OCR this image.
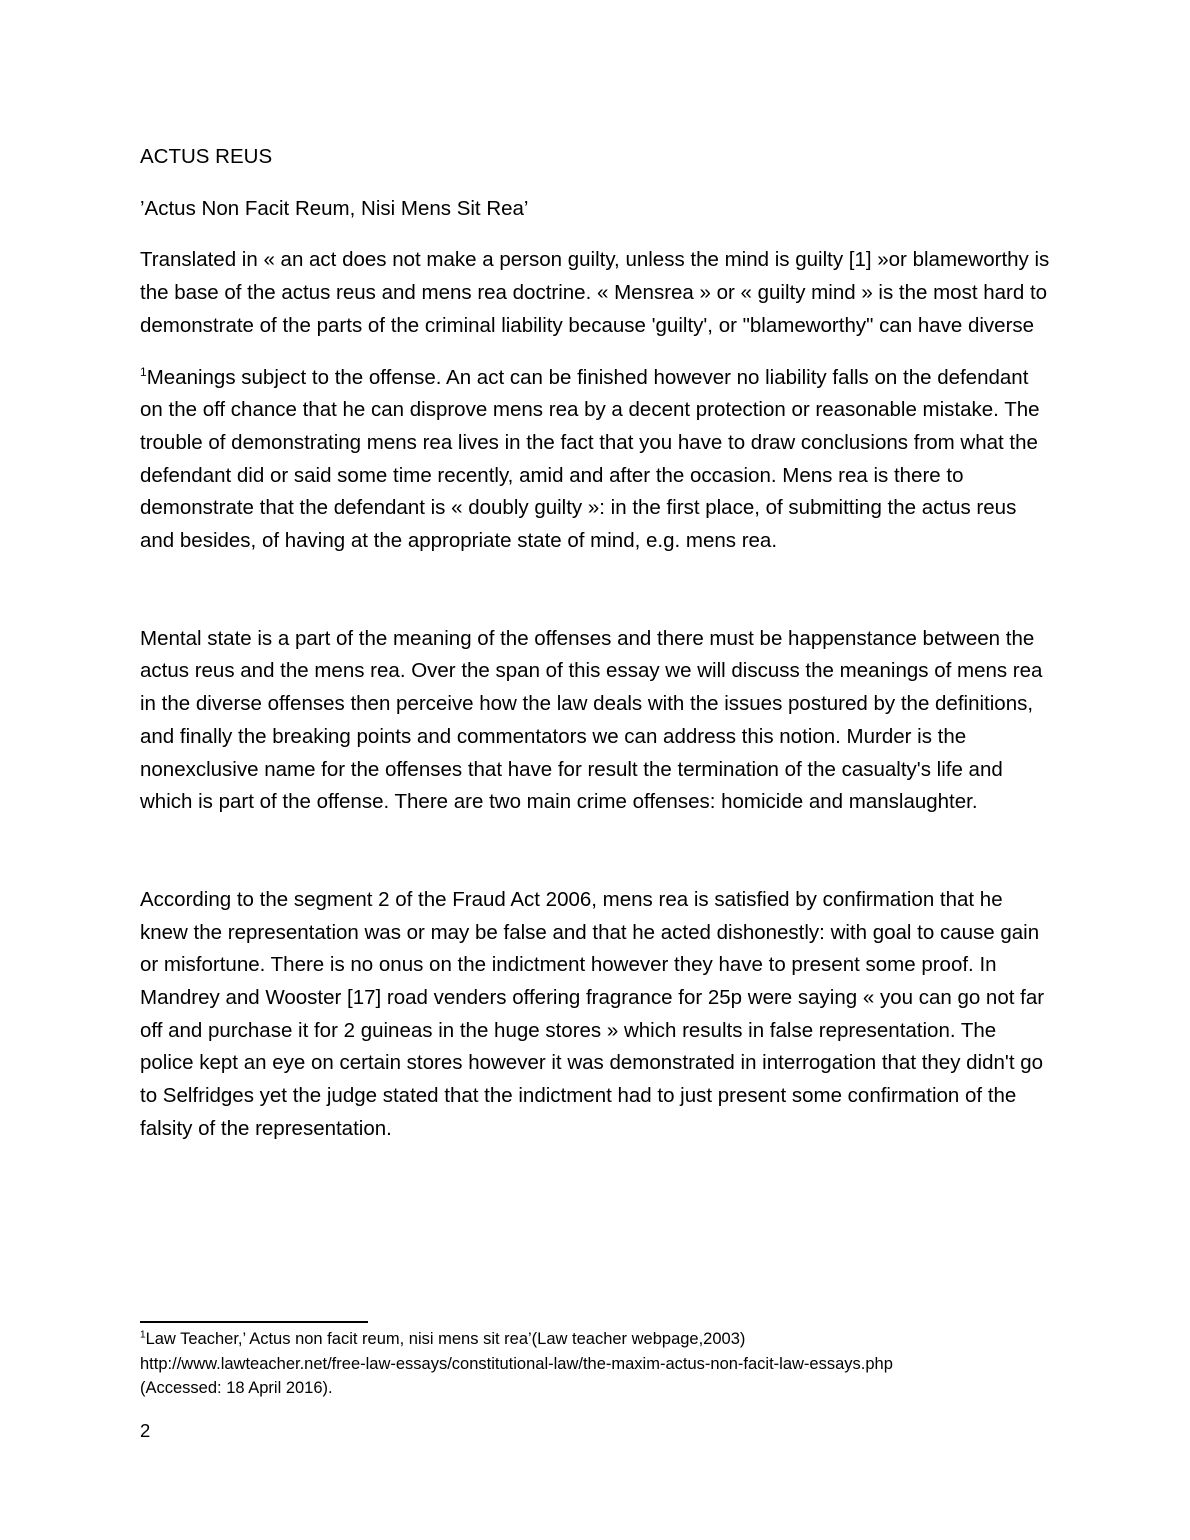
ACTUS REUS

’Actus Non Facit Reum, Nisi Mens Sit Rea’

Translated in « an act does not make a person guilty, unless the mind is guilty [1] »or blameworthy is the base of the actus reus and mens rea doctrine. « Mensrea » or « guilty mind » is the most hard to demonstrate of the parts of the criminal liability because 'guilty', or "blameworthy" can have diverse

$^1$Meanings subject to the offense. An act can be finished however no liability falls on the defendant on the off chance that he can disprove mens rea by a decent protection or reasonable mistake. The trouble of demonstrating mens rea lives in the fact that you have to draw conclusions from what the defendant did or said some time recently, amid and after the occasion. Mens rea is there to demonstrate that the defendant is « doubly guilty »: in the first place, of submitting the actus reus and besides, of having at the appropriate state of mind, e.g. mens rea.

Mental state is a part of the meaning of the offenses and there must be happenstance between the actus reus and the mens rea. Over the span of this essay we will discuss the meanings of mens rea in the diverse offenses then perceive how the law deals with the issues postured by the definitions, and finally the breaking points and commentators we can address this notion. Murder is the nonexclusive name for the offenses that have for result the termination of the casualty's life and which is part of the offense. There are two main crime offenses: homicide and manslaughter.

According to the segment 2 of the Fraud Act 2006, mens rea is satisfied by confirmation that he knew the representation was or may be false and that he acted dishonestly: with goal to cause gain or misfortune. There is no onus on the indictment however they have to present some proof. In Mandrey and Wooster [17] road venders offering fragrance for 25p were saying « you can go not far off and purchase it for 2 guineas in the huge stores » which results in false representation. The police kept an eye on certain stores however it was demonstrated in interrogation that they didn't go to Selfridges yet the judge stated that the indictment had to just present some confirmation of the falsity of the representation.

$^1$Law Teacher,’ Actus non facit reum, nisi mens sit rea’(Law teacher webpage,2003)

http://www.lawteacher.net/free-law-essays/constitutional-law/the-maxim-actus-non-facit-law-essays.php

(Accessed: 18 April 2016).

2
